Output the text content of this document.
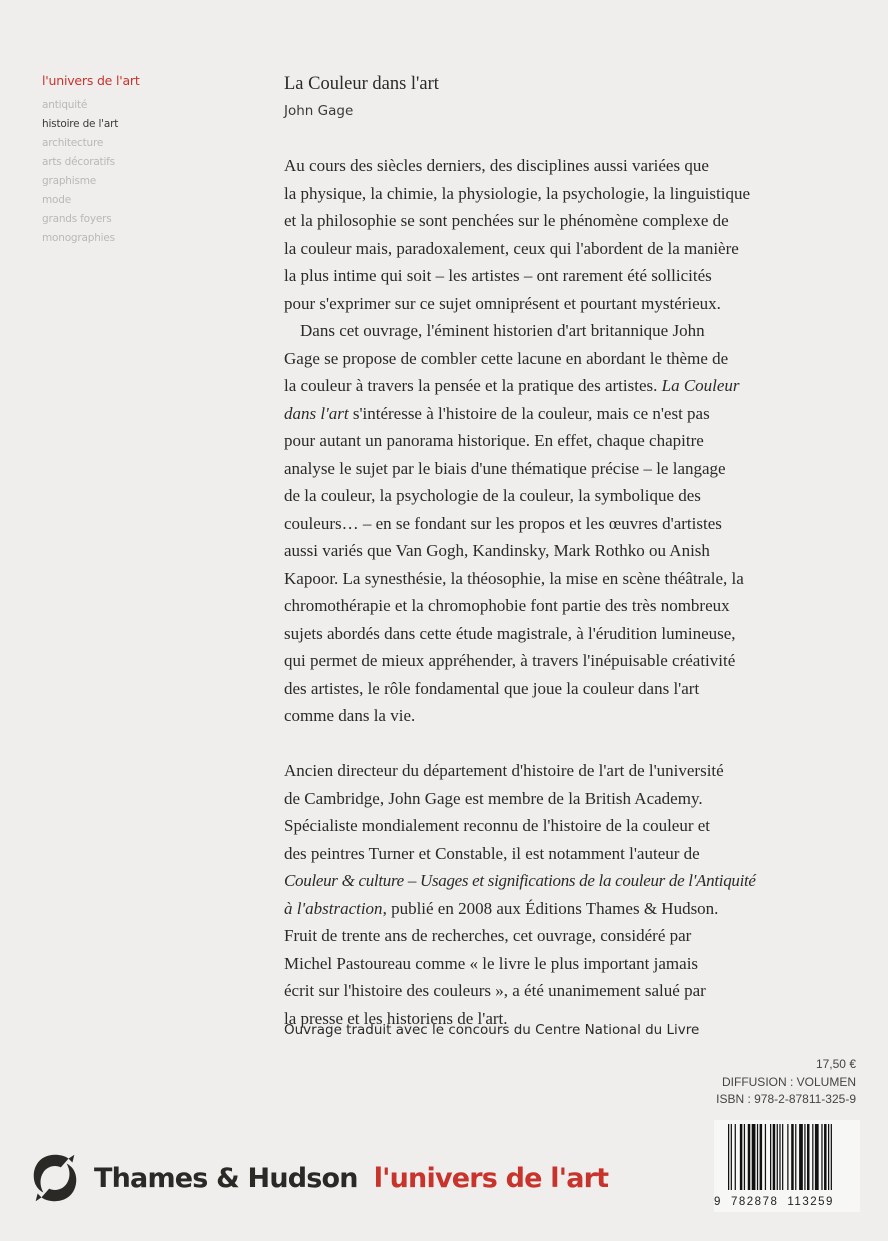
l'univers de l'art
antiquité
histoire de l'art
architecture
arts décoratifs
graphisme
mode
grands foyers
monographies
La Couleur dans l'art
John Gage

Au cours des siècles derniers, des disciplines aussi variées que
la physique, la chimie, la physiologie, la psychologie, la linguistique
et la philosophie se sont penchées sur le phénomène complexe de
la couleur mais, paradoxalement, ceux qui l'abordent de la manière
la plus intime qui soit – les artistes – ont rarement été sollicités
pour s'exprimer sur ce sujet omniprésent et pourtant mystérieux.

Dans cet ouvrage, l'éminent historien d'art britannique John
Gage se propose de combler cette lacune en abordant le thème de
la couleur à travers la pensée et la pratique des artistes. La Couleur
dans l'art s'intéresse à l'histoire de la couleur, mais ce n'est pas
pour autant un panorama historique. En effet, chaque chapitre
analyse le sujet par le biais d'une thématique précise – le langage
de la couleur, la psychologie de la couleur, la symbolique des
couleurs… – en se fondant sur les propos et les œuvres d'artistes
aussi variés que Van Gogh, Kandinsky, Mark Rothko ou Anish
Kapoor. La synesthésie, la théosophie, la mise en scène théâtrale, la
chromothérapie et la chromophobie font partie des très nombreux
sujets abordés dans cette étude magistrale, à l'érudition lumineuse,
qui permet de mieux appréhender, à travers l'inépuisable créativité
des artistes, le rôle fondamental que joue la couleur dans l'art
comme dans la vie.

Ancien directeur du département d'histoire de l'art de l'université
de Cambridge, John Gage est membre de la British Academy.
Spécialiste mondialement reconnu de l'histoire de la couleur et
des peintres Turner et Constable, il est notamment l'auteur de
Couleur & culture – Usages et significations de la couleur de l'Antiquité
à l'abstraction, publié en 2008 aux Éditions Thames & Hudson.
Fruit de trente ans de recherches, cet ouvrage, considéré par
Michel Pastoureau comme « le livre le plus important jamais
écrit sur l'histoire des couleurs », a été unanimement salué par
la presse et les historiens de l'art.

Ouvrage traduit avec le concours du Centre National du Livre
17,50 €
DIFFUSION : VOLUMEN
ISBN : 978-2-87811-325-9
9 782878 113259
Thames & Hudson l'univers de l'art
